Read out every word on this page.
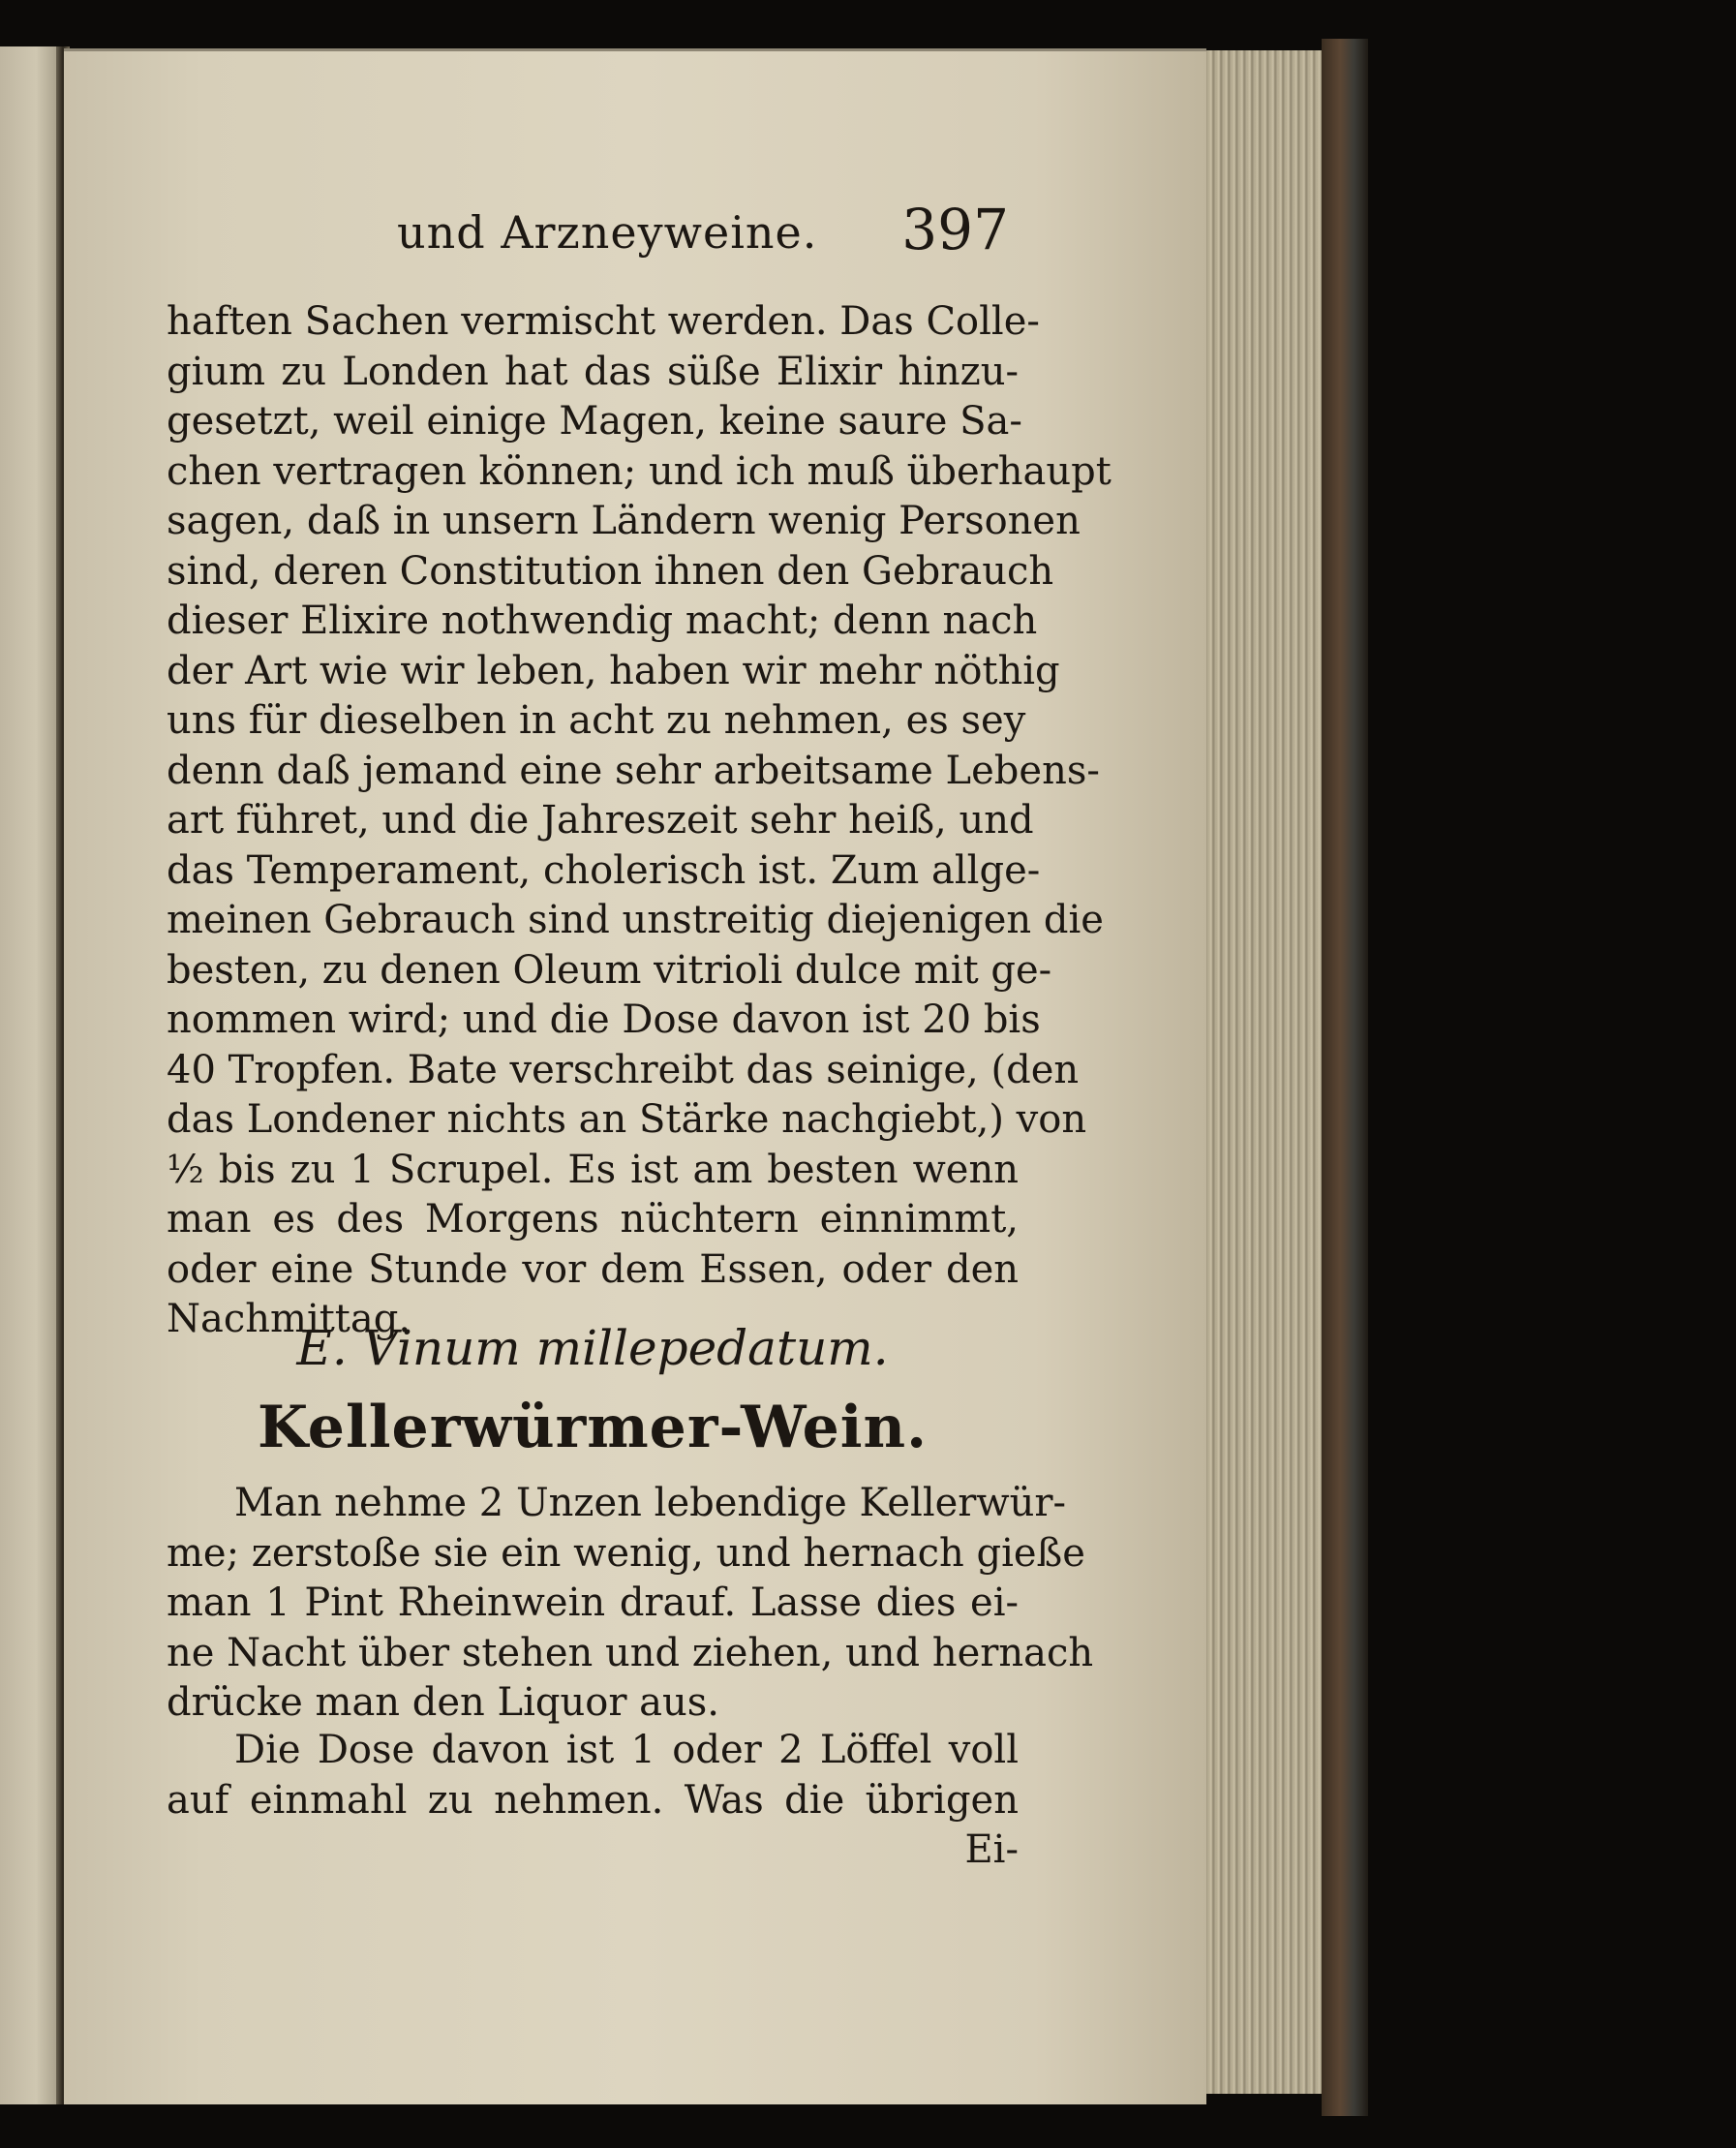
und Arzneyweine. 397
haften Sachen vermischt werden. Das Colle-
gium zu Londen hat das süße Elixir hinzu-
gesetzt, weil einige Magen, keine saure Sa-
chen vertragen können; und ich muß überhaupt
sagen, daß in unsern Ländern wenig Personen
sind, deren Constitution ihnen den Gebrauch
dieser Elixire nothwendig macht; denn nach
der Art wie wir leben, haben wir mehr nöthig
uns für dieselben in acht zu nehmen, es sey
denn daß jemand eine sehr arbeitsame Lebens-
art führet, und die Jahreszeit sehr heiß, und
das Temperament, cholerisch ist. Zum allge-
meinen Gebrauch sind unstreitig diejenigen die
besten, zu denen Oleum vitrioli dulce mit ge-
nommen wird; und die Dose davon ist 20 bis
40 Tropfen. Bate verschreibt das seinige, (den
das Londener nichts an Stärke nachgiebt,) von
½ bis zu 1 Scrupel. Es ist am besten wenn
man es des Morgens nüchtern einnimmt,
oder eine Stunde vor dem Essen, oder den
Nachmittag.
E. Vinum millepedatum.
Kellerwürmer-Wein.
Man nehme 2 Unzen lebendige Kellerwür-
me; zerstoße sie ein wenig, und hernach gieße
man 1 Pint Rheinwein drauf. Lasse dies ei-
ne Nacht über stehen und ziehen, und hernach
drücke man den Liquor aus.
Die Dose davon ist 1 oder 2 Löffel voll
auf einmahl zu nehmen. Was die übrigen
Ei-
